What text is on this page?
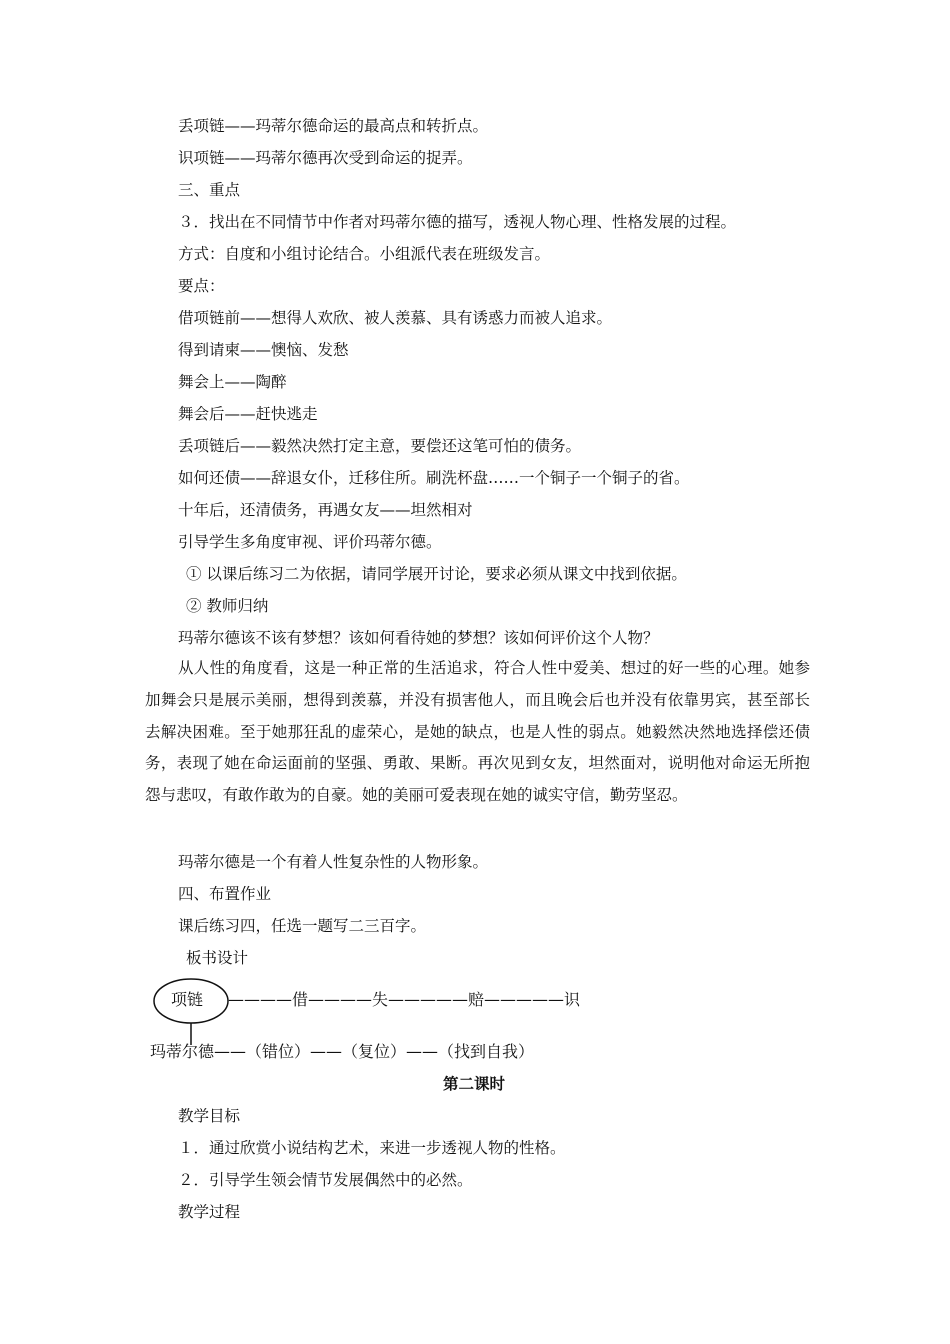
丢项链——玛蒂尔德命运的最高点和转折点。
识项链——玛蒂尔德再次受到命运的捉弄。
三、重点
３．找出在不同情节中作者对玛蒂尔德的描写，透视人物心理、性格发展的过程。
方式：自度和小组讨论结合。小组派代表在班级发言。
要点：
借项链前——想得人欢欣、被人羡慕、具有诱惑力而被人追求。
得到请柬——懊恼、发愁
舞会上——陶醉
舞会后——赶快逃走
丢项链后——毅然决然打定主意，要偿还这笔可怕的债务。
如何还债——辞退女仆，迁移住所。刷洗杯盘……一个铜子一个铜子的省。
十年后，还清债务，再遇女友——坦然相对
引导学生多角度审视、评价玛蒂尔德。
① 以课后练习二为依据，请同学展开讨论，要求必须从课文中找到依据。
② 教师归纳
玛蒂尔德该不该有梦想？该如何看待她的梦想？该如何评价这个人物？
从人性的角度看，这是一种正常的生活追求，符合人性中爱美、想过的好一些的心理。她参加舞会只是展示美丽，想得到羡慕，并没有损害他人，而且晚会后也并没有依靠男宾，甚至部长去解决困难。至于她那狂乱的虚荣心，是她的缺点，也是人性的弱点。她毅然决然地选择偿还债务，表现了她在命运面前的坚强、勇敢、果断。再次见到女友，坦然面对，说明他对命运无所抱怨与悲叹，有敢作敢为的自豪。她的美丽可爱表现在她的诚实守信，勤劳坚忍。
玛蒂尔德是一个有着人性复杂性的人物形象。
四、布置作业
课后练习四，任选一题写二三百字。
板书设计
项链 ————借————失—————赔—————识
玛蒂尔德——（错位）——（复位）——（找到自我）
第二课时
教学目标
１．通过欣赏小说结构艺术，来进一步透视人物的性格。
２．引导学生领会情节发展偶然中的必然。
教学过程
